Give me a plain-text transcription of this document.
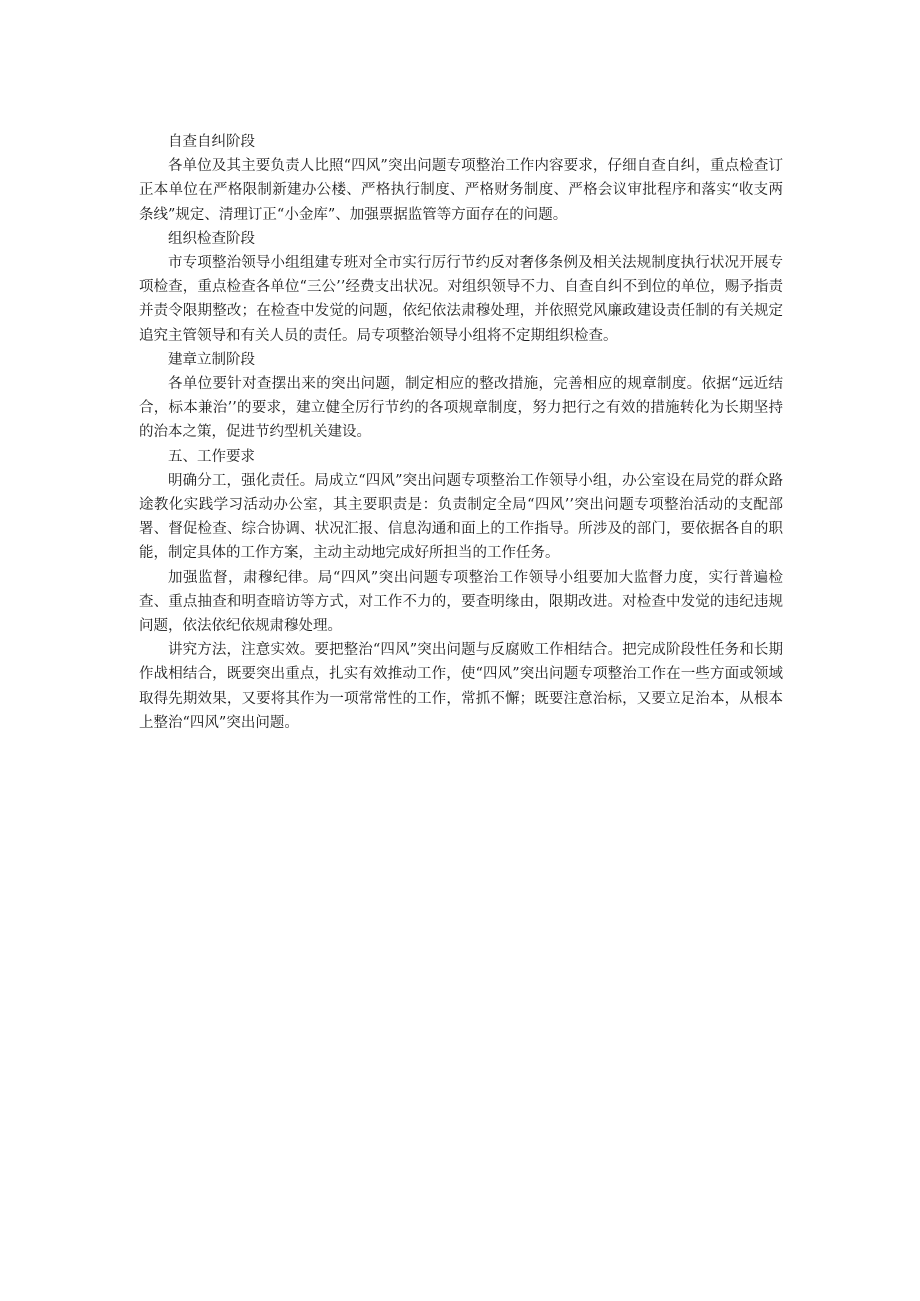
自查自纠阶段

各单位及其主要负责人比照“四风”突出问题专项整治工作内容要求，仔细自查自纠，重点检查订正本单位在严格限制新建办公楼、严格执行制度、严格财务制度、严格会议审批程序和落实“收支两条线”规定、清理订正“小金库”、加强票据监管等方面存在的问题。

组织检查阶段

市专项整治领导小组组建专班对全市实行厉行节约反对奢侈条例及相关法规制度执行状况开展专项检查，重点检查各单位“三公’’经费支出状况。对组织领导不力、自查自纠不到位的单位，赐予指责并责令限期整改；在检查中发觉的问题，依纪依法肃穆处理，并依照党风廉政建设责任制的有关规定追究主管领导和有关人员的责任。局专项整治领导小组将不定期组织检查。

建章立制阶段

各单位要针对查摆出来的突出问题，制定相应的整改措施，完善相应的规章制度。依据“远近结合，标本兼治’’的要求，建立健全厉行节约的各项规章制度，努力把行之有效的措施转化为长期坚持的治本之策，促进节约型机关建设。

五、工作要求

明确分工，强化责任。局成立“四风”突出问题专项整治工作领导小组，办公室设在局党的群众路途教化实践学习活动办公室，其主要职责是：负责制定全局“四风’’突出问题专项整治活动的支配部署、督促检查、综合协调、状况汇报、信息沟通和面上的工作指导。所涉及的部门，要依据各自的职能，制定具体的工作方案，主动主动地完成好所担当的工作任务。

加强监督，肃穆纪律。局“四风”突出问题专项整治工作领导小组要加大监督力度，实行普遍检查、重点抽查和明查暗访等方式，对工作不力的，要查明缘由，限期改进。对检查中发觉的违纪违规问题，依法依纪依规肃穆处理。

讲究方法，注意实效。要把整治“四风”突出问题与反腐败工作相结合。把完成阶段性任务和长期作战相结合，既要突出重点，扎实有效推动工作，使“四风”突出问题专项整治工作在一些方面或领域取得先期效果，又要将其作为一项常常性的工作，常抓不懈；既要注意治标，又要立足治本，从根本上整治“四风”突出问题。
